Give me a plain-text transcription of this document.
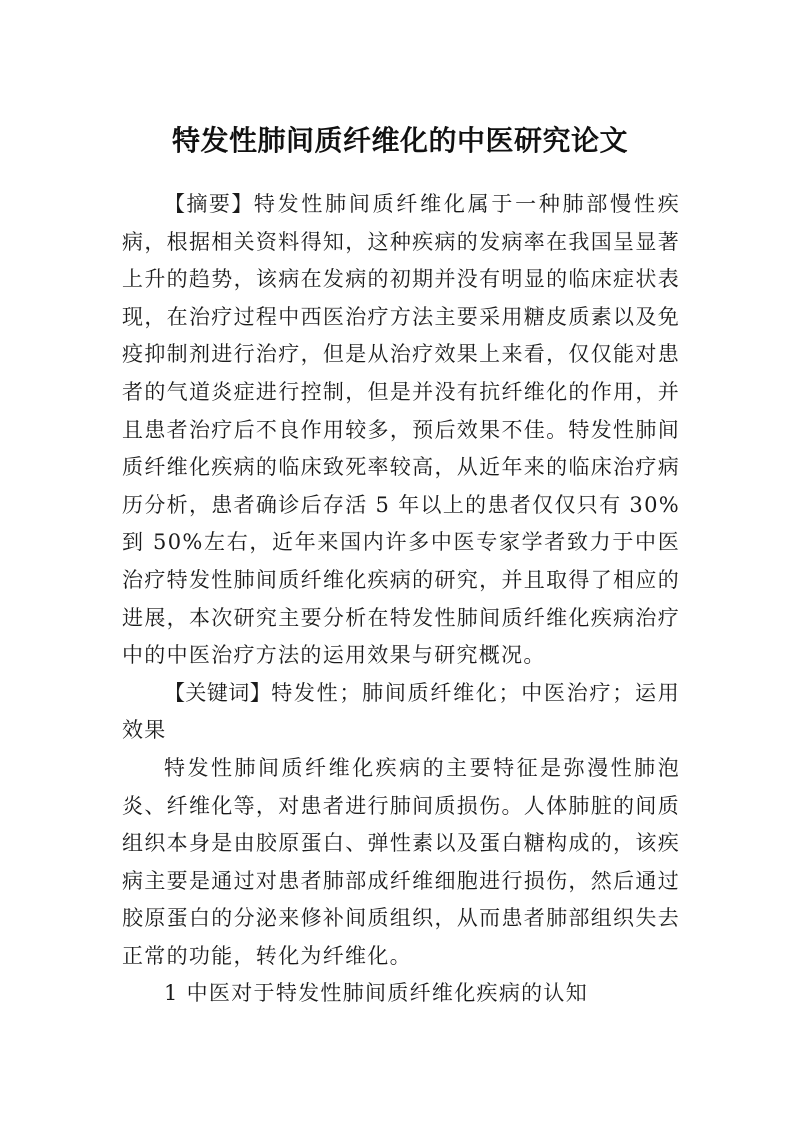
特发性肺间质纤维化的中医研究论文

【摘要】特发性肺间质纤维化属于一种肺部慢性疾病，根据相关资料得知，这种疾病的发病率在我国呈显著上升的趋势，该病在发病的初期并没有明显的临床症状表现，在治疗过程中西医治疗方法主要采用糖皮质素以及免疫抑制剂进行治疗，但是从治疗效果上来看，仅仅能对患者的气道炎症进行控制，但是并没有抗纤维化的作用，并且患者治疗后不良作用较多，预后效果不佳。特发性肺间质纤维化疾病的临床致死率较高，从近年来的临床治疗病历分析，患者确诊后存活 5 年以上的患者仅仅只有 30%到 50%左右，近年来国内许多中医专家学者致力于中医治疗特发性肺间质纤维化疾病的研究，并且取得了相应的进展，本次研究主要分析在特发性肺间质纤维化疾病治疗中的中医治疗方法的运用效果与研究概况。

【关键词】特发性；肺间质纤维化；中医治疗；运用效果

特发性肺间质纤维化疾病的主要特征是弥漫性肺泡炎、纤维化等，对患者进行肺间质损伤。人体肺脏的间质组织本身是由胶原蛋白、弹性素以及蛋白糖构成的，该疾病主要是通过对患者肺部成纤维细胞进行损伤，然后通过胶原蛋白的分泌来修补间质组织，从而患者肺部组织失去正常的功能，转化为纤维化。

1 中医对于特发性肺间质纤维化疾病的认知
